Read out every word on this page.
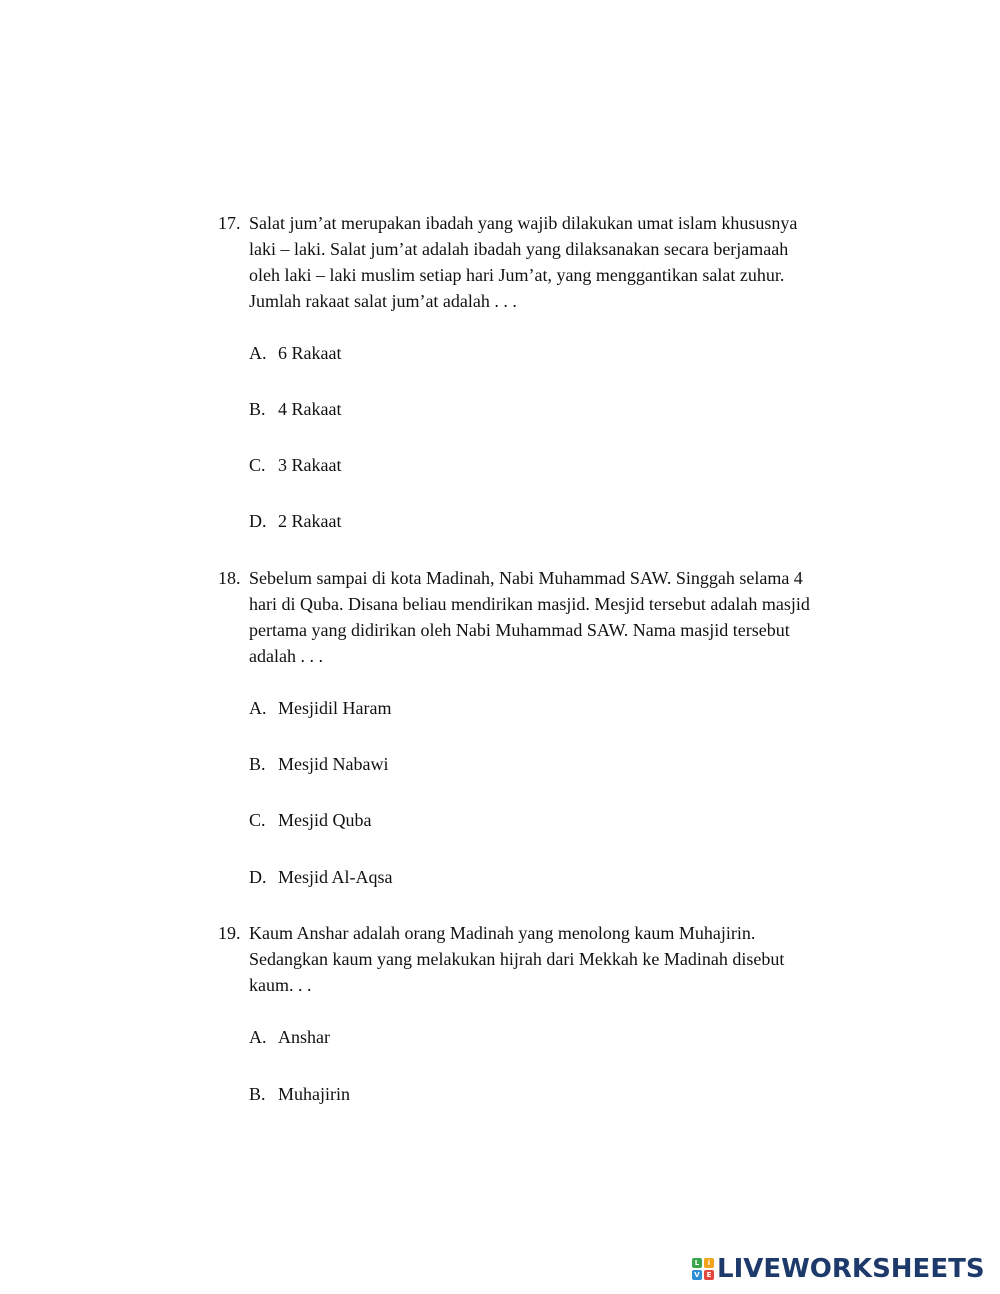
17. Salat jum’at merupakan ibadah yang wajib dilakukan umat islam khususnya
laki – laki. Salat jum’at adalah ibadah yang dilaksanakan secara berjamaah
oleh laki – laki muslim setiap hari Jum’at, yang menggantikan salat zuhur.
Jumlah rakaat salat jum’at adalah . . .
A. 6 Rakaat
B. 4 Rakaat
C. 3 Rakaat
D. 2 Rakaat
18. Sebelum sampai di kota Madinah, Nabi Muhammad SAW. Singgah selama 4
hari di Quba. Disana beliau mendirikan masjid. Mesjid tersebut adalah masjid
pertama yang didirikan oleh Nabi Muhammad SAW. Nama masjid tersebut
adalah . . .
A. Mesjidil Haram
B. Mesjid Nabawi
C. Mesjid Quba
D. Mesjid Al-Aqsa
19. Kaum Anshar adalah orang Madinah yang menolong kaum Muhajirin.
Sedangkan kaum yang melakukan hijrah dari Mekkah ke Madinah disebut
kaum. . .
A. Anshar
B. Muhajirin
L	i
V E LIVEWORKSHEETS
